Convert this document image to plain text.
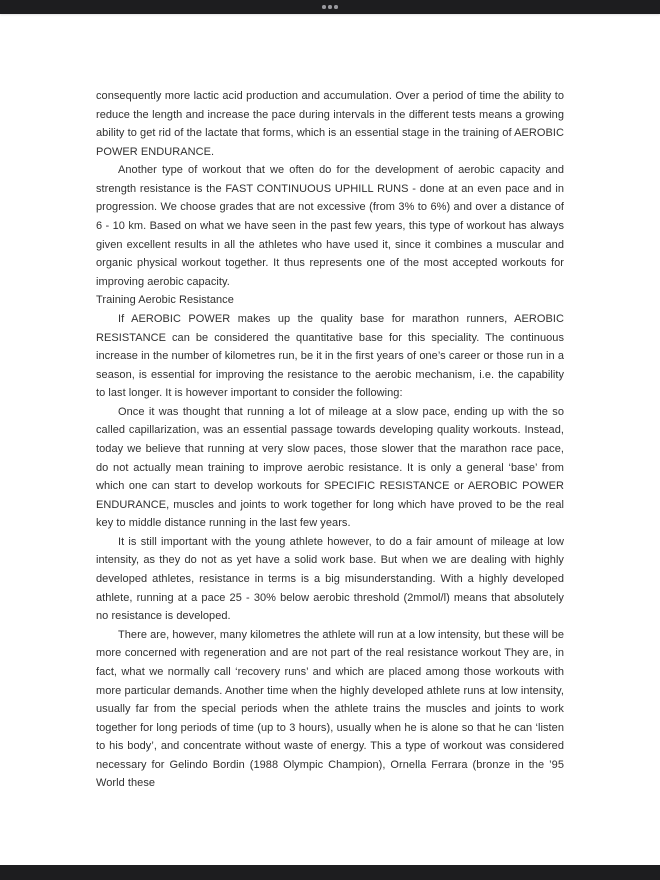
consequently more lactic acid production and accumulation. Over a period of time the ability to reduce the length and increase the pace during intervals in the different tests means a growing ability to get rid of the lactate that forms, which is an essential stage in the training of AEROBIC POWER ENDURANCE.

Another type of workout that we often do for the development of aerobic capacity and strength resistance is the FAST CONTINUOUS UPHILL RUNS - done at an even pace and in progression. We choose grades that are not excessive (from 3% to 6%) and over a distance of 6 - 10 km. Based on what we have seen in the past few years, this type of workout has always given excellent results in all the athletes who have used it, since it combines a muscular and organic physical workout together. It thus represents one of the most accepted workouts for improving aerobic capacity.

Training Aerobic Resistance

If AEROBIC POWER makes up the quality base for marathon runners, AEROBIC RESISTANCE can be considered the quantitative base for this speciality. The continuous increase in the number of kilometres run, be it in the first years of one’s career or those run in a season, is essential for improving the resistance to the aerobic mechanism, i.e. the capability to last longer. It is however important to consider the following:

Once it was thought that running a lot of mileage at a slow pace, ending up with the so called capillarization, was an essential passage towards developing quality workouts. Instead, today we believe that running at very slow paces, those slower that the marathon race pace, do not actually mean training to improve aerobic resistance. It is only a general ‘base’ from which one can start to develop workouts for SPECIFIC RESISTANCE or AEROBIC POWER ENDURANCE, muscles and joints to work together for long which have proved to be the real key to middle distance running in the last few years.

It is still important with the young athlete however, to do a fair amount of mileage at low intensity, as they do not as yet have a solid work base. But when we are dealing with highly developed athletes, resistance in terms is a big misunderstanding. With a highly developed athlete, running at a pace 25 - 30% below aerobic threshold (2mmol/l) means that absolutely no resistance is developed.

There are, however, many kilometres the athlete will run at a low intensity, but these will be more concerned with regeneration and are not part of the real resistance workout They are, in fact, what we normally call ‘recovery runs’ and which are placed among those workouts with more particular demands. Another time when the highly developed athlete runs at low intensity, usually far from the special periods when the athlete trains the muscles and joints to work together for long periods of time (up to 3 hours), usually when he is alone so that he can ‘listen to his body’, and concentrate without waste of energy. This a type of workout was considered necessary for Gelindo Bordin (1988 Olympic Champion), Ornella Ferrara (bronze in the ’95 World these
